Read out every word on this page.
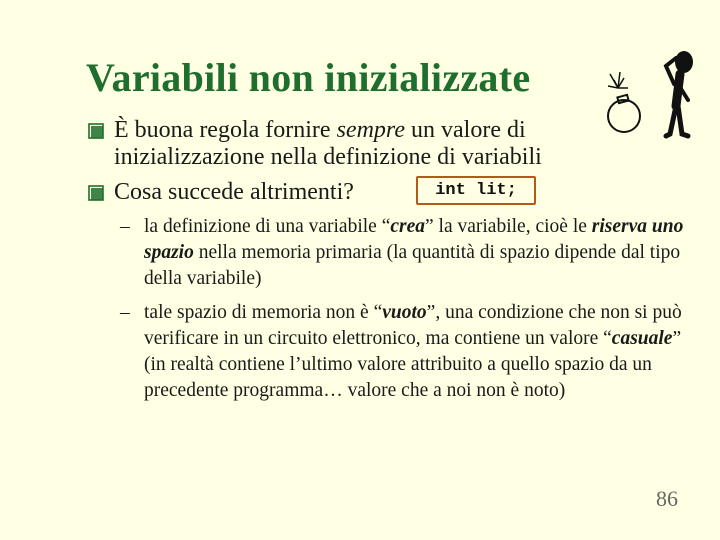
Variabili non inizializzate
È buona regola fornire sempre un valore di
inizializzazione nella definizione di variabili
Cosa succede altrimenti?	int lit;
– la definizione di una variabile “crea” la variabile, cioè le riserva uno spazio nella memoria primaria (la quantità di spazio dipende dal tipo della variabile)
– tale spazio di memoria non è “vuoto”, una condizione che non si può verificare in un circuito elettronico, ma contiene un valore “casuale” (in realtà contiene l’ultimo valore attribuito a quello spazio da un precedente programma… valore che a noi non è noto)
86
